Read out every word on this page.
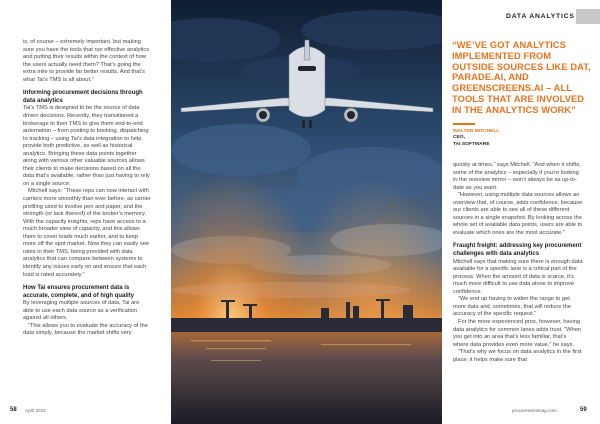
is, of course – extremely important, but making sure you have the tools that run effective analytics and putting their results within the context of how the users actually need them? That’s going the extra mile to provide far better results. And that’s what Tai’s TMS is all about.”

Informing procurement decisions through data analytics

Tai’s TMS is designed to be the source of data driven decisions. Recently, they transitioned a brokerage to their TMS to give them end-to-end automation – from posting to booking, dispatching to tracking – using Tai’s data integration to help provide both predictive, as well as historical analytics. Bringing these data points together along with various other valuable sources allows their clients to make decisions based on all the data that’s available, rather than just having to rely on a single source.

Mitchell says: “These reps can now interact with carriers more smoothly than ever before, as carrier profiling used to involve pen and paper, and the strength (or lack thereof) of the broker’s memory. With the capacity insights, reps have access to a much broader view of capacity, and this allows them to cover loads much earlier, and to keep more off the spot market. Now they can easily see rates in their TMS, being provided with data analytics that can compare between systems to identify any issues early on and ensure that each load is rated accurately.”

How Tai ensures procurement data is accurate, complete, and of high quality

By leveraging multiple sources of data, Tai are able to use each data source as a verification against all others.

“This allows you to evaluate the accuracy of the data simply, because the market shifts very

DATA ANALYTICS
“WE’VE GOT ANALYTICS IMPLEMENTED FROM OUTSIDE SOURCES LIKE DAT, PARADE.AI, AND GREENSCREENS.AI – ALL TOOLS THAT ARE INVOLVED IN THE ANALYTICS WORK”
WALTER MITCHELL
CEO,
TAI SOFTWARE

quickly at times,” says Mitchell. “And when it shifts, some of the analytics – especially if you’re looking in the rearview mirror – won’t always be as up-to-date as you want.

“However, using multiple data sources allows an overview that, of course, adds confidence, because our clients are able to see all of these different sources in a single snapshot. By looking across the whole set of available data points, users are able to evaluate which ones are the most accurate.”

Fraught freight: addressing key procurement challenges with data analytics

Mitchell says that making sure there is enough data available for a specific lane is a critical part of the process. When the amount of data is scarce, it’s much more difficult to use data alone to improve confidence.

“We end up having to widen the range to get more data and, sometimes, that will reduce the accuracy of the specific request.”

For the more experienced pros, however, having data analytics for common lanes adds trust. “When you get into an area that’s less familiar, that’s where data provides even more value,” he says.

“That’s why we focus on data analytics in the first place; it helps make sure that

58 April 2023	procurementmag.com	59
